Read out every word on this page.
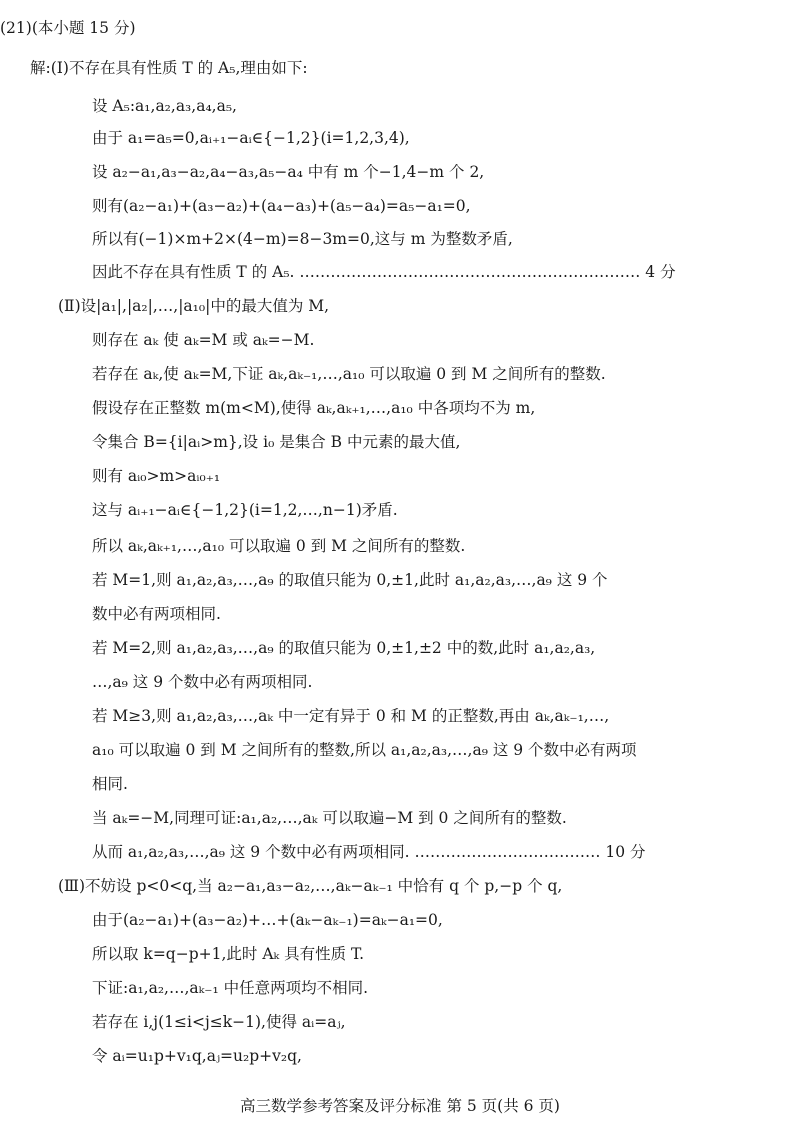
(21)(本小题 15 分)
解:(Ⅰ)不存在具有性质 T 的 A₅,理由如下:
设 A₅:a₁,a₂,a₃,a₄,a₅,
由于 a₁=a₅=0,aᵢ₊₁−aᵢ∈{−1,2}(i=1,2,3,4),
设 a₂−a₁,a₃−a₂,a₄−a₃,a₅−a₄ 中有 m 个−1,4−m 个 2,
则有(a₂−a₁)+(a₃−a₂)+(a₄−a₃)+(a₅−a₄)=a₅−a₁=0,
所以有(−1)×m+2×(4−m)=8−3m=0,这与 m 为整数矛盾,
因此不存在具有性质 T 的 A₅. ………………………………………………………… 4 分
(Ⅱ)设|a₁|,|a₂|,…,|a₁₀|中的最大值为 M,
则存在 aₖ 使 aₖ=M 或 aₖ=−M.
若存在 aₖ,使 aₖ=M,下证 aₖ,aₖ₋₁,…,a₁₀ 可以取遍 0 到 M 之间所有的整数.
假设存在正整数 m(m<M),使得 aₖ,aₖ₊₁,…,a₁₀ 中各项均不为 m,
令集合 B={i|aᵢ>m},设 i₀ 是集合 B 中元素的最大值,
则有 aᵢ₀>m>aᵢ₀₊₁
这与 aᵢ₊₁−aᵢ∈{−1,2}(i=1,2,…,n−1)矛盾.
所以 aₖ,aₖ₊₁,…,a₁₀ 可以取遍 0 到 M 之间所有的整数.
若 M=1,则 a₁,a₂,a₃,…,a₉ 的取值只能为 0,±1,此时 a₁,a₂,a₃,…,a₉ 这 9 个
数中必有两项相同.
若 M=2,则 a₁,a₂,a₃,…,a₉ 的取值只能为 0,±1,±2 中的数,此时 a₁,a₂,a₃,
…,a₉ 这 9 个数中必有两项相同.
若 M≥3,则 a₁,a₂,a₃,…,aₖ 中一定有异于 0 和 M 的正整数,再由 aₖ,aₖ₋₁,…,
a₁₀ 可以取遍 0 到 M 之间所有的整数,所以 a₁,a₂,a₃,…,a₉ 这 9 个数中必有两项
相同.
当 aₖ=−M,同理可证:a₁,a₂,…,aₖ 可以取遍−M 到 0 之间所有的整数.
从而 a₁,a₂,a₃,…,a₉ 这 9 个数中必有两项相同. ……………………………… 10 分
(Ⅲ)不妨设 p<0<q,当 a₂−a₁,a₃−a₂,…,aₖ−aₖ₋₁ 中恰有 q 个 p,−p 个 q,
由于(a₂−a₁)+(a₃−a₂)+…+(aₖ−aₖ₋₁)=aₖ−a₁=0,
所以取 k=q−p+1,此时 Aₖ 具有性质 T.
下证:a₁,a₂,…,aₖ₋₁ 中任意两项均不相同.
若存在 i,j(1≤i<j≤k−1),使得 aᵢ=aⱼ,
令 aᵢ=u₁p+v₁q,aⱼ=u₂p+v₂q,
高三数学参考答案及评分标准 第 5 页(共 6 页)
